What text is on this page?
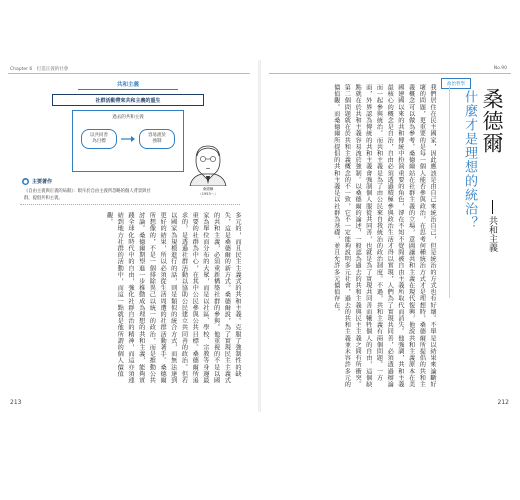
Chapter 6　打造正義的社會
共和主義
社群活動帶來共和主義的重生
過去的共和主義
以共同善
為目標
容易流於
強制
桑德爾
（1953～）
● 主要著作
《自由主義與正義的局限》：駁斥於自由主義所忽略的個人背景與社群，提倡共和主義。
多元的，而且民主主義式的共和主義。克服了強制性的缺失，這是桑德爾的新方式。桑德爾說，為了實現民主主義式的共和主義，必須重新構築社群的參與。他重視的不是以國家為單位而分布的大眾，而是以社區、學校、宗教等身邊最重要的社群為中心，在其中公民參與公共目標。桑德爾所追求的，是透過社群活動以協助公民建立共同善的政治。但若以國家為規模進行的話，則是類似的統合方式，而無法達到更好的結果，所以必須從生活周遭的社群活動著手。桑德爾所想像的，不是一個排除異己以統一的政治，而是推動公共討論。桑德爾期望進一步推動成為理想的共和主義，能夠實踐全球化時代中的自由，強化社群自治的精神，而這亦須連結到地方社群的活動中，而這一點就是他所謂的個人價值觀。
213
No.90
我們居住在民主國家，因此應該是由自己來統治自己，但是統治的方式也有好壞。不單是以結果來論斷好壞的問題，更重要的是每一個人能否參與政治，在思考何種統治方式才是理想時，桑德爾所提倡的共和主義概念可以做為參考。桑德爾站在社群主義的立場，意圖讓共和主義在現代復興，他說共和主義原本在美國建國以來的共和傳統中扮演重要的角色，卻在不知不覺間被自由主義所取代而消失。他強調，共和主義最核心的概念是自治，自由必須透過積極參與政治生活才得以實現，人們為了實現共同善，必須透過辯論而一起參與統治。而共和主義是為了由公民來自我統治的政治制度。不過，共和主義有兩個問題。一方面，外界認為傳統的共和主義會強制個人服從共同善，也就是為了實現共同善而犧牲個人的自由，這個缺點就在於共和主義容易流於強制。以桑德爾的論述，一般認為過去的共和主義與民主主義之間有所衝突。第二個問題就在於共和主義概念的不一致，它不一定能夠說明多元社會，過去的共和主義並未容許多元的價值觀。而桑德爾所提倡的共和主義是以社群為基礎，並且允許多元價值存在。	政治哲學
什麼才是理想的統治？ 桑德爾
共和主義
212
